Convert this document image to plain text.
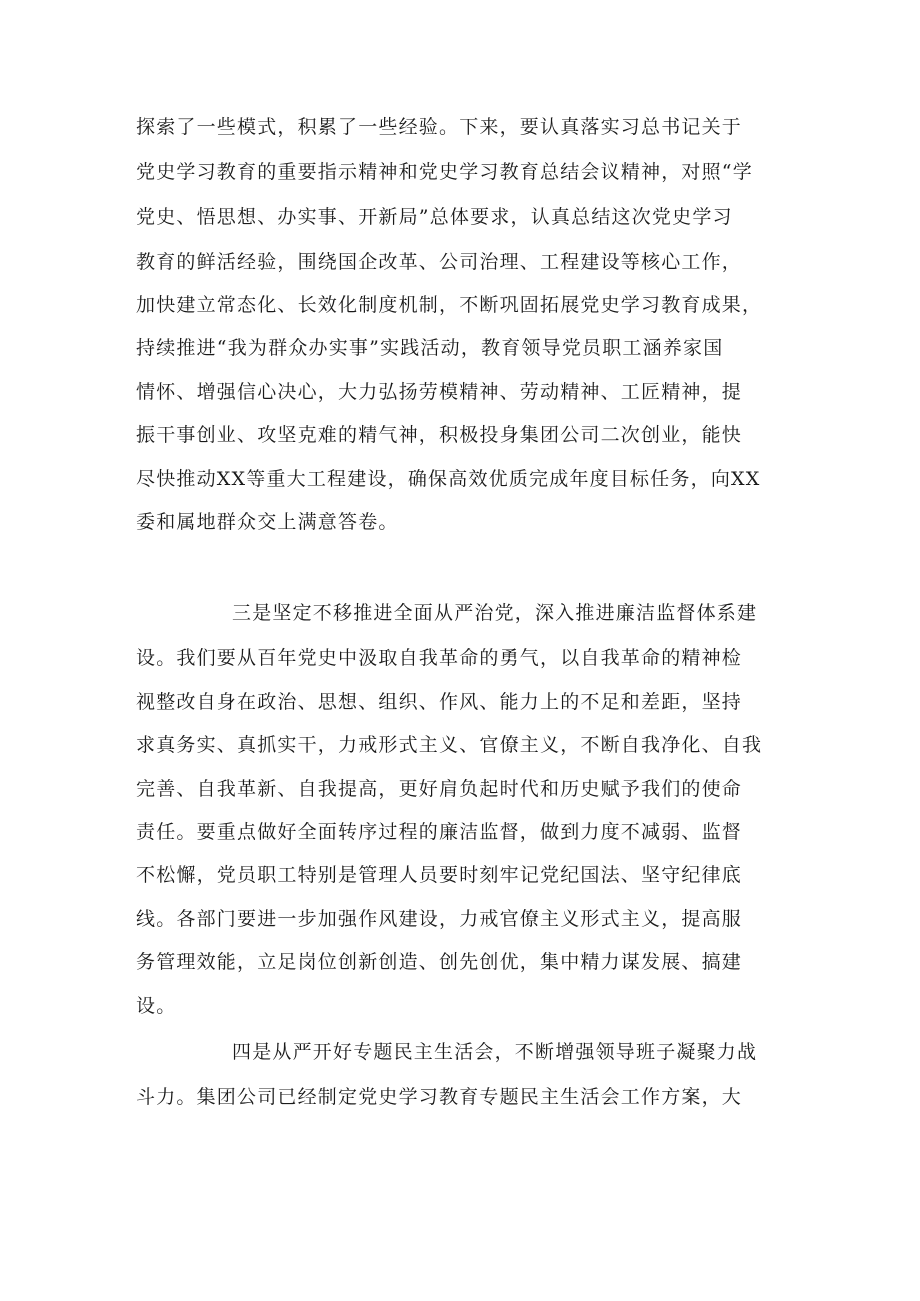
探索了一些模式，积累了一些经验。下来，要认真落实习总书记关于
党史学习教育的重要指示精神和党史学习教育总结会议精神，对照“学
党史、悟思想、办实事、开新局”总体要求，认真总结这次党史学习
教育的鲜活经验，围绕国企改革、公司治理、工程建设等核心工作，
加快建立常态化、长效化制度机制，不断巩固拓展党史学习教育成果，
持续推进“我为群众办实事”实践活动，教育领导党员职工涵养家国
情怀、增强信心决心，大力弘扬劳模精神、劳动精神、工匠精神，提
振干事创业、攻坚克难的精气神，积极投身集团公司二次创业，能快
尽快推动XX等重大工程建设，确保高效优质完成年度目标任务，向XX
委和属地群众交上满意答卷。
三是坚定不移推进全面从严治党，深入推进廉洁监督体系建
设。我们要从百年党史中汲取自我革命的勇气，以自我革命的精神检
视整改自身在政治、思想、组织、作风、能力上的不足和差距，坚持
求真务实、真抓实干，力戒形式主义、官僚主义，不断自我净化、自我
完善、自我革新、自我提高，更好肩负起时代和历史赋予我们的使命
责任。要重点做好全面转序过程的廉洁监督，做到力度不减弱、监督
不松懈，党员职工特别是管理人员要时刻牢记党纪国法、坚守纪律底
线。各部门要进一步加强作风建设，力戒官僚主义形式主义，提高服
务管理效能，立足岗位创新创造、创先创优，集中精力谋发展、搞建
设。
四是从严开好专题民主生活会，不断增强领导班子凝聚力战
斗力。集团公司已经制定党史学习教育专题民主生活会工作方案，大
